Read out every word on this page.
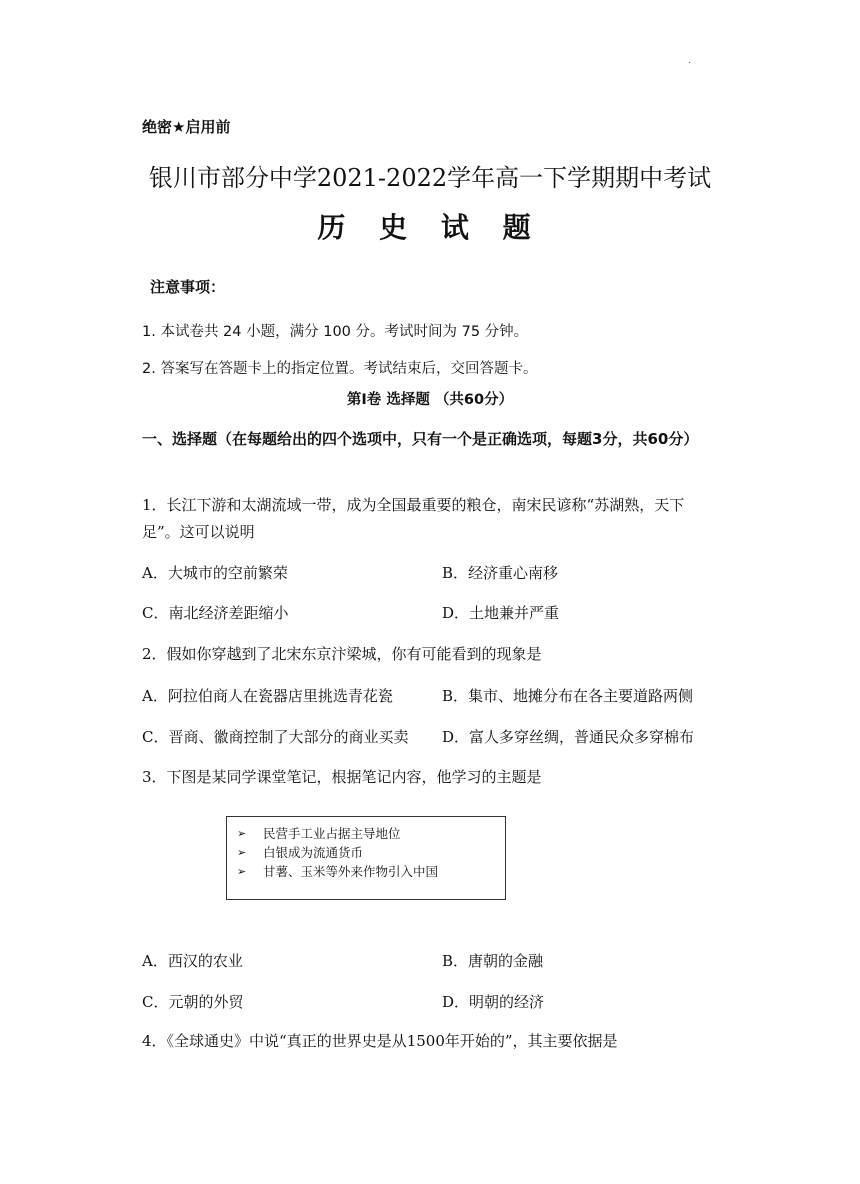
·
绝密★启用前
银川市部分中学2021-2022学年高一下学期期中考试
历 史 试 题
注意事项：
1. 本试卷共 24 小题，满分 100 分。考试时间为 75 分钟。
2. 答案写在答题卡上的指定位置。考试结束后，交回答题卡。
第Ⅰ卷 选择题 （共60分）
一、选择题（在每题给出的四个选项中，只有一个是正确选项，每题3分，共60分）
1．长江下游和太湖流域一带，成为全国最重要的粮仓，南宋民谚称“苏湖熟，天下足”。这可以说明
A．大城市的空前繁荣	B．经济重心南移
C．南北经济差距缩小	D．土地兼并严重
2．假如你穿越到了北宋东京汴梁城，你有可能看到的现象是
A．阿拉伯商人在瓷器店里挑选青花瓷	B．集市、地摊分布在各主要道路两侧
C．晋商、徽商控制了大部分的商业买卖 D．富人多穿丝绸，普通民众多穿棉布
3．下图是某同学课堂笔记，根据笔记内容，他学习的主题是
➢	民营手工业占据主导地位
➢	白银成为流通货币
➢	甘薯、玉米等外来作物引入中国
A．西汉的农业	B．唐朝的金融
C．元朝的外贸	D．明朝的经济
4．《全球通史》中说“真正的世界史是从1500年开始的”，其主要依据是
